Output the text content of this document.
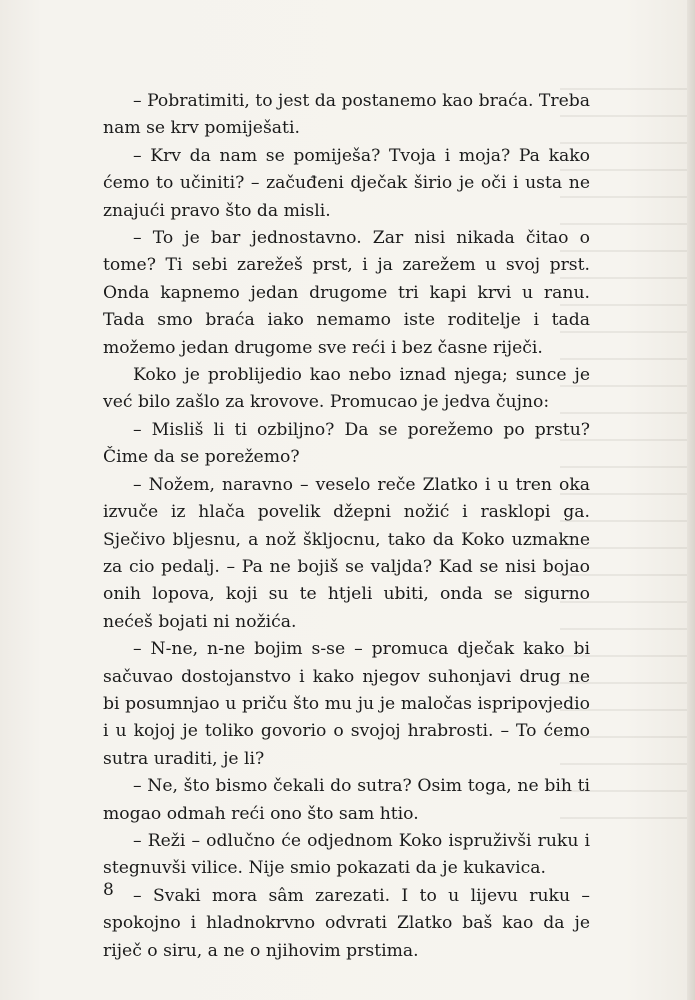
– Pobratimiti, to jest da postanemo kao braća. Treba nam se krv pomiješati.

– Krv da nam se pomiješa? Tvoja i moja? Pa kako ćemo to učiniti? – začuđeni dječak širio je oči i usta ne znajući pravo što da misli.

– To je bar jednostavno. Zar nisi nikada čitao o tome? Ti sebi zarežeš prst, i ja zarežem u svoj prst. Onda kapnemo jedan drugome tri kapi krvi u ranu. Tada smo braća iako nemamo iste roditelje i tada možemo jedan drugome sve reći i bez časne riječi.

Koko je problijedio kao nebo iznad njega; sunce je već bilo zašlo za krovove. Promucao je jedva čujno:

– Misliš li ti ozbiljno? Da se porežemo po prstu? Čime da se porežemo?

– Nožem, naravno – veselo reče Zlatko i u tren oka izvuče iz hlača povelik džepni nožić i rasklopi ga. Sječivo bljesnu, a nož škljocnu, tako da Koko uzmakne za cio pedalj. – Pa ne bojiš se valjda? Kad se nisi bojao onih lopova, koji su te htjeli ubiti, onda se sigurno nećeš bojati ni nožića.

– N-ne, n-ne bojim s-se – promuca dječak kako bi sačuvao dostojanstvo i kako njegov suhonjavi drug ne bi posumnjao u priču što mu ju je maločas ispripovjedio i u kojoj je toliko govorio o svojoj hrabrosti. – To ćemo sutra uraditi, je li?

– Ne, što bismo čekali do sutra? Osim toga, ne bih ti mogao odmah reći ono što sam htio.

– Reži – odlučno će odjednom Koko ispruživši ruku i stegnuvši vilice. Nije smio pokazati da je kukavica.

– Svaki mora sâm zarezati. I to u lijevu ruku – spokojno i hladnokrvno odvrati Zlatko baš kao da je riječ o siru, a ne o njihovim prstima.

8
